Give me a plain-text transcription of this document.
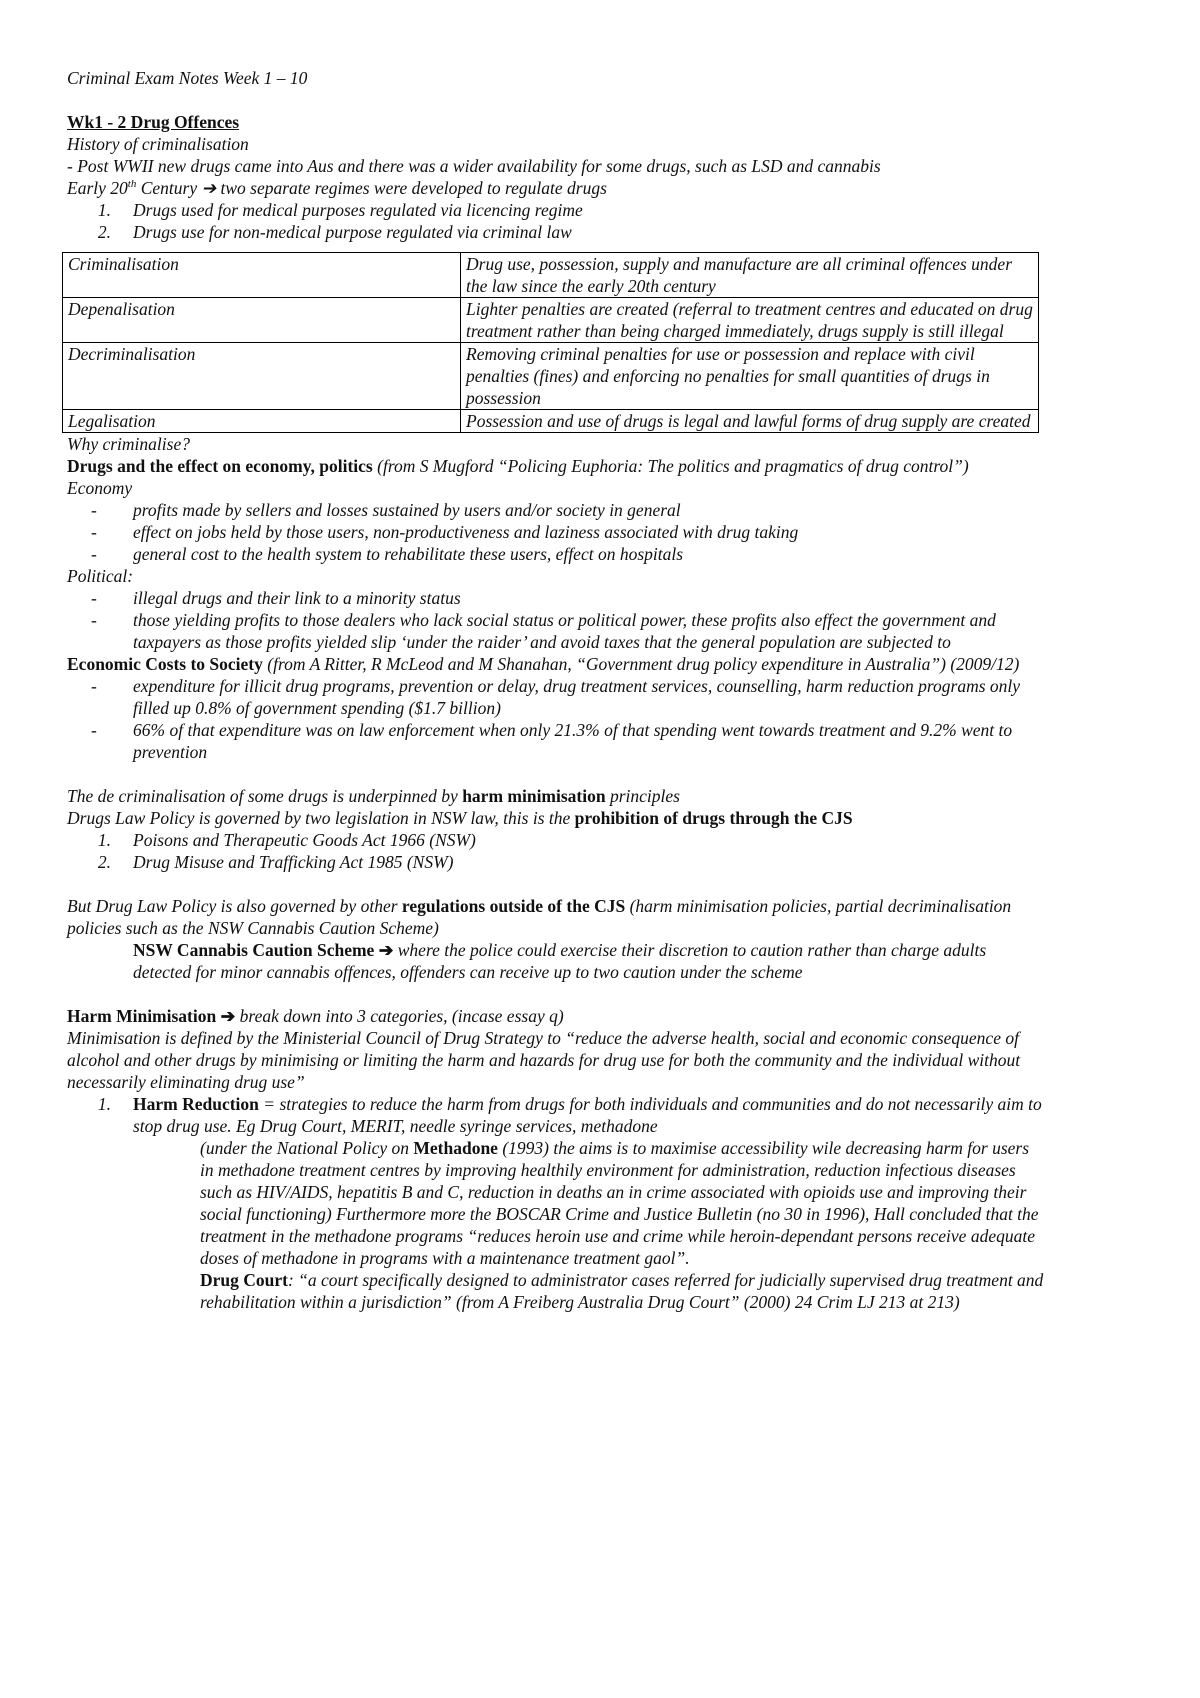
Criminal Exam Notes Week 1 – 10
Wk1 - 2 Drug Offences
History of criminalisation
- Post WWII new drugs came into Aus and there was a wider availability for some drugs, such as LSD and cannabis
Early 20th Century ➔ two separate regimes were developed to regulate drugs
1.	Drugs used for medical purposes regulated via licencing regime
2.	Drugs use for non-medical purpose regulated via criminal law
Criminalisation	Drug use, possession, supply and manufacture are all criminal offences under the law since the early 20th century
Depenalisation	Lighter penalties are created (referral to treatment centres and educated on drug treatment rather than being charged immediately, drugs supply is still illegal
Decriminalisation	Removing criminal penalties for use or possession and replace with civil penalties (fines) and enforcing no penalties for small quantities of drugs in possession
Legalisation	Possession and use of drugs is legal and lawful forms of drug supply are created
Why criminalise?
Drugs and the effect on economy, politics (from S Mugford “Policing Euphoria: The politics and pragmatics of drug control”)
Economy
-	profits made by sellers and losses sustained by users and/or society in general
-	effect on jobs held by those users, non-productiveness and laziness associated with drug taking
-	general cost to the health system to rehabilitate these users, effect on hospitals
Political:
-	illegal drugs and their link to a minority status
-	those yielding profits to those dealers who lack social status or political power, these profits also effect the government and taxpayers as those profits yielded slip ‘under the raider’ and avoid taxes that the general population are subjected to
Economic Costs to Society (from A Ritter, R McLeod and M Shanahan, “Government drug policy expenditure in Australia”) (2009/12)
-	expenditure for illicit drug programs, prevention or delay, drug treatment services, counselling, harm reduction programs only filled up 0.8% of government spending ($1.7 billion)
-	66% of that expenditure was on law enforcement when only 21.3% of that spending went towards treatment and 9.2% went to prevention
The de criminalisation of some drugs is underpinned by harm minimisation principles
Drugs Law Policy is governed by two legislation in NSW law, this is the prohibition of drugs through the CJS
1.	Poisons and Therapeutic Goods Act 1966 (NSW)
2.	Drug Misuse and Trafficking Act 1985 (NSW)
But Drug Law Policy is also governed by other regulations outside of the CJS (harm minimisation policies, partial decriminalisation policies such as the NSW Cannabis Caution Scheme)
NSW Cannabis Caution Scheme ➔ where the police could exercise their discretion to caution rather than charge adults detected for minor cannabis offences, offenders can receive up to two caution under the scheme
Harm Minimisation ➔ break down into 3 categories, (incase essay q)
Minimisation is defined by the Ministerial Council of Drug Strategy to “reduce the adverse health, social and economic consequence of alcohol and other drugs by minimising or limiting the harm and hazards for drug use for both the community and the individual without necessarily eliminating drug use”
1.	Harm Reduction = strategies to reduce the harm from drugs for both individuals and communities and do not necessarily aim to stop drug use. Eg Drug Court, MERIT, needle syringe services, methadone
(under the National Policy on Methadone (1993) the aims is to maximise accessibility wile decreasing harm for users in methadone treatment centres by improving healthily environment for administration, reduction infectious diseases such as HIV/AIDS, hepatitis B and C, reduction in deaths an in crime associated with opioids use and improving their social functioning) Furthermore more the BOSCAR Crime and Justice Bulletin (no 30 in 1996), Hall concluded that the treatment in the methadone programs “reduces heroin use and crime while heroin-dependant persons receive adequate doses of methadone in programs with a maintenance treatment gaol”.
Drug Court: “a court specifically designed to administrator cases referred for judicially supervised drug treatment and rehabilitation within a jurisdiction” (from A Freiberg Australia Drug Court” (2000) 24 Crim LJ 213 at 213)
